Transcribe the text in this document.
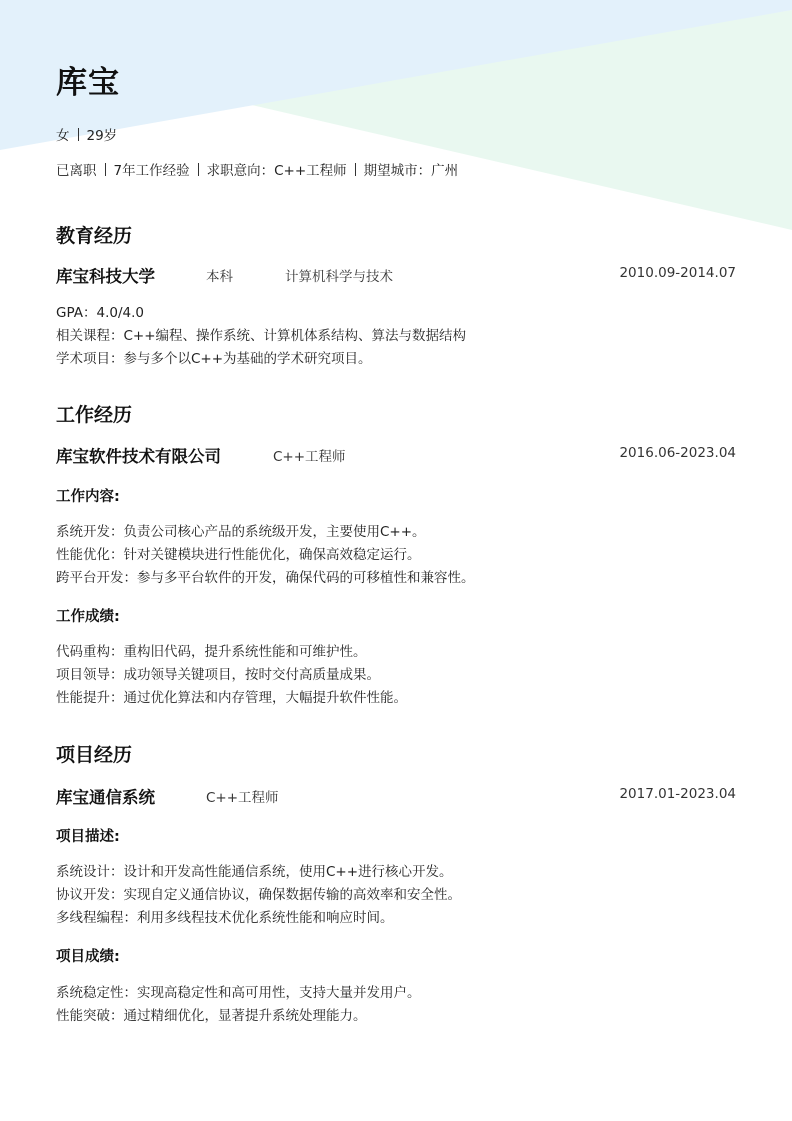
库宝
女 29岁
已离职 7年工作经验 求职意向：C++工程师 期望城市：广州
教育经历
库宝科技大学	本科	计算机科学与技术	2010.09-2014.07
GPA：4.0/4.0
相关课程：C++编程、操作系统、计算机体系结构、算法与数据结构
学术项目：参与多个以C++为基础的学术研究项目。
工作经历
库宝软件技术有限公司	C++工程师	2016.06-2023.04
工作内容:
系统开发：负责公司核心产品的系统级开发，主要使用C++。
性能优化：针对关键模块进行性能优化，确保高效稳定运行。
跨平台开发：参与多平台软件的开发，确保代码的可移植性和兼容性。
工作成绩:
代码重构：重构旧代码，提升系统性能和可维护性。
项目领导：成功领导关键项目，按时交付高质量成果。
性能提升：通过优化算法和内存管理，大幅提升软件性能。
项目经历
库宝通信系统	C++工程师	2017.01-2023.04
项目描述:
系统设计：设计和开发高性能通信系统，使用C++进行核心开发。
协议开发：实现自定义通信协议，确保数据传输的高效率和安全性。
多线程编程：利用多线程技术优化系统性能和响应时间。
项目成绩:
系统稳定性：实现高稳定性和高可用性，支持大量并发用户。
性能突破：通过精细优化，显著提升系统处理能力。
